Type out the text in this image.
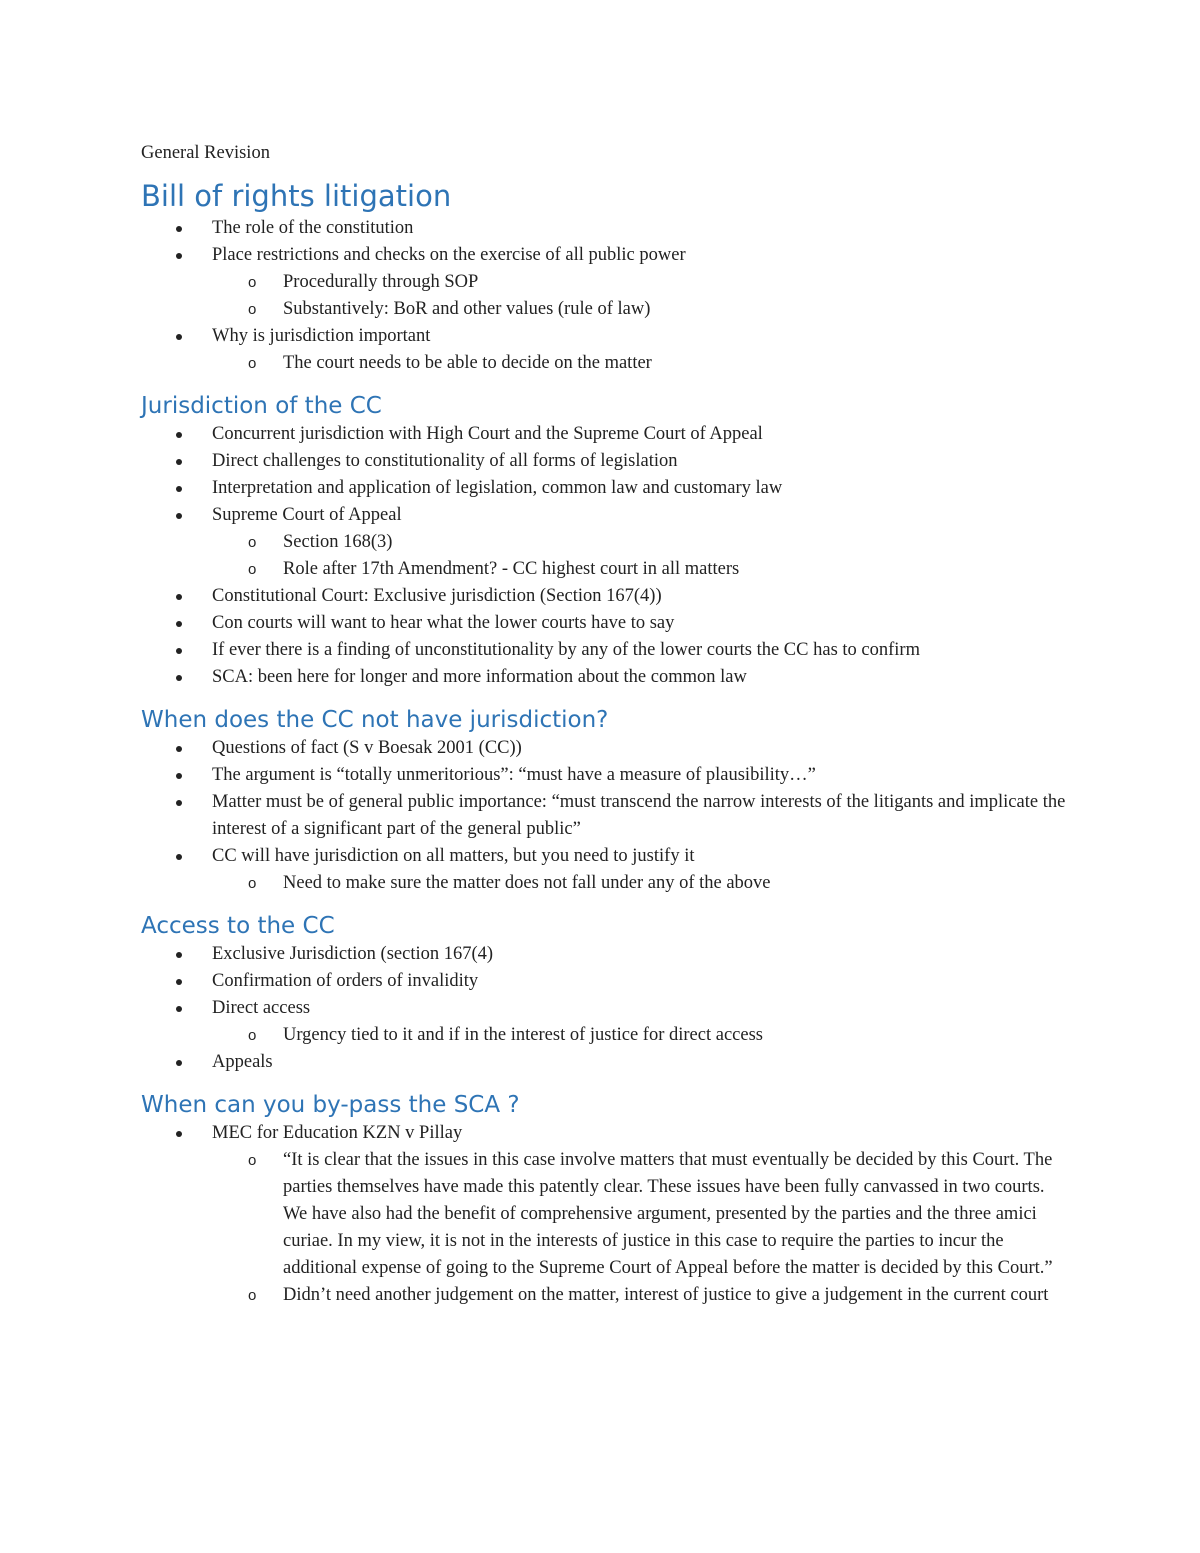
General Revision
Bill of rights litigation
The role of the constitution
Place restrictions and checks on the exercise of all public power
o Procedurally through SOP
o Substantively: BoR and other values (rule of law)
Why is jurisdiction important
o The court needs to be able to decide on the matter
Jurisdiction of the CC
Concurrent jurisdiction with High Court and the Supreme Court of Appeal
Direct challenges to constitutionality of all forms of legislation
Interpretation and application of legislation, common law and customary law
Supreme Court of Appeal
o Section 168(3)
o Role after 17th Amendment? - CC highest court in all matters
Constitutional Court: Exclusive jurisdiction (Section 167(4))
Con courts will want to hear what the lower courts have to say
If ever there is a finding of unconstitutionality by any of the lower courts the CC has to confirm
SCA: been here for longer and more information about the common law
When does the CC not have jurisdiction?
Questions of fact (S v Boesak 2001 (CC))
The argument is “totally unmeritorious”: “must have a measure of plausibility…”
Matter must be of general public importance: “must transcend the narrow interests of the litigants and implicate the interest of a significant part of the general public”
CC will have jurisdiction on all matters, but you need to justify it
o Need to make sure the matter does not fall under any of the above
Access to the CC
Exclusive Jurisdiction (section 167(4)
Confirmation of orders of invalidity
Direct access
o Urgency tied to it and if in the interest of justice for direct access
Appeals
When can you by-pass the SCA ?
MEC for Education KZN v Pillay
o “It is clear that the issues in this case involve matters that must eventually be decided by this Court. The parties themselves have made this patently clear. These issues have been fully canvassed in two courts. We have also had the benefit of comprehensive argument, presented by the parties and the three amici curiae. In my view, it is not in the interests of justice in this case to require the parties to incur the additional expense of going to the Supreme Court of Appeal before the matter is decided by this Court.”
o Didn’t need another judgement on the matter, interest of justice to give a judgement in the current court
